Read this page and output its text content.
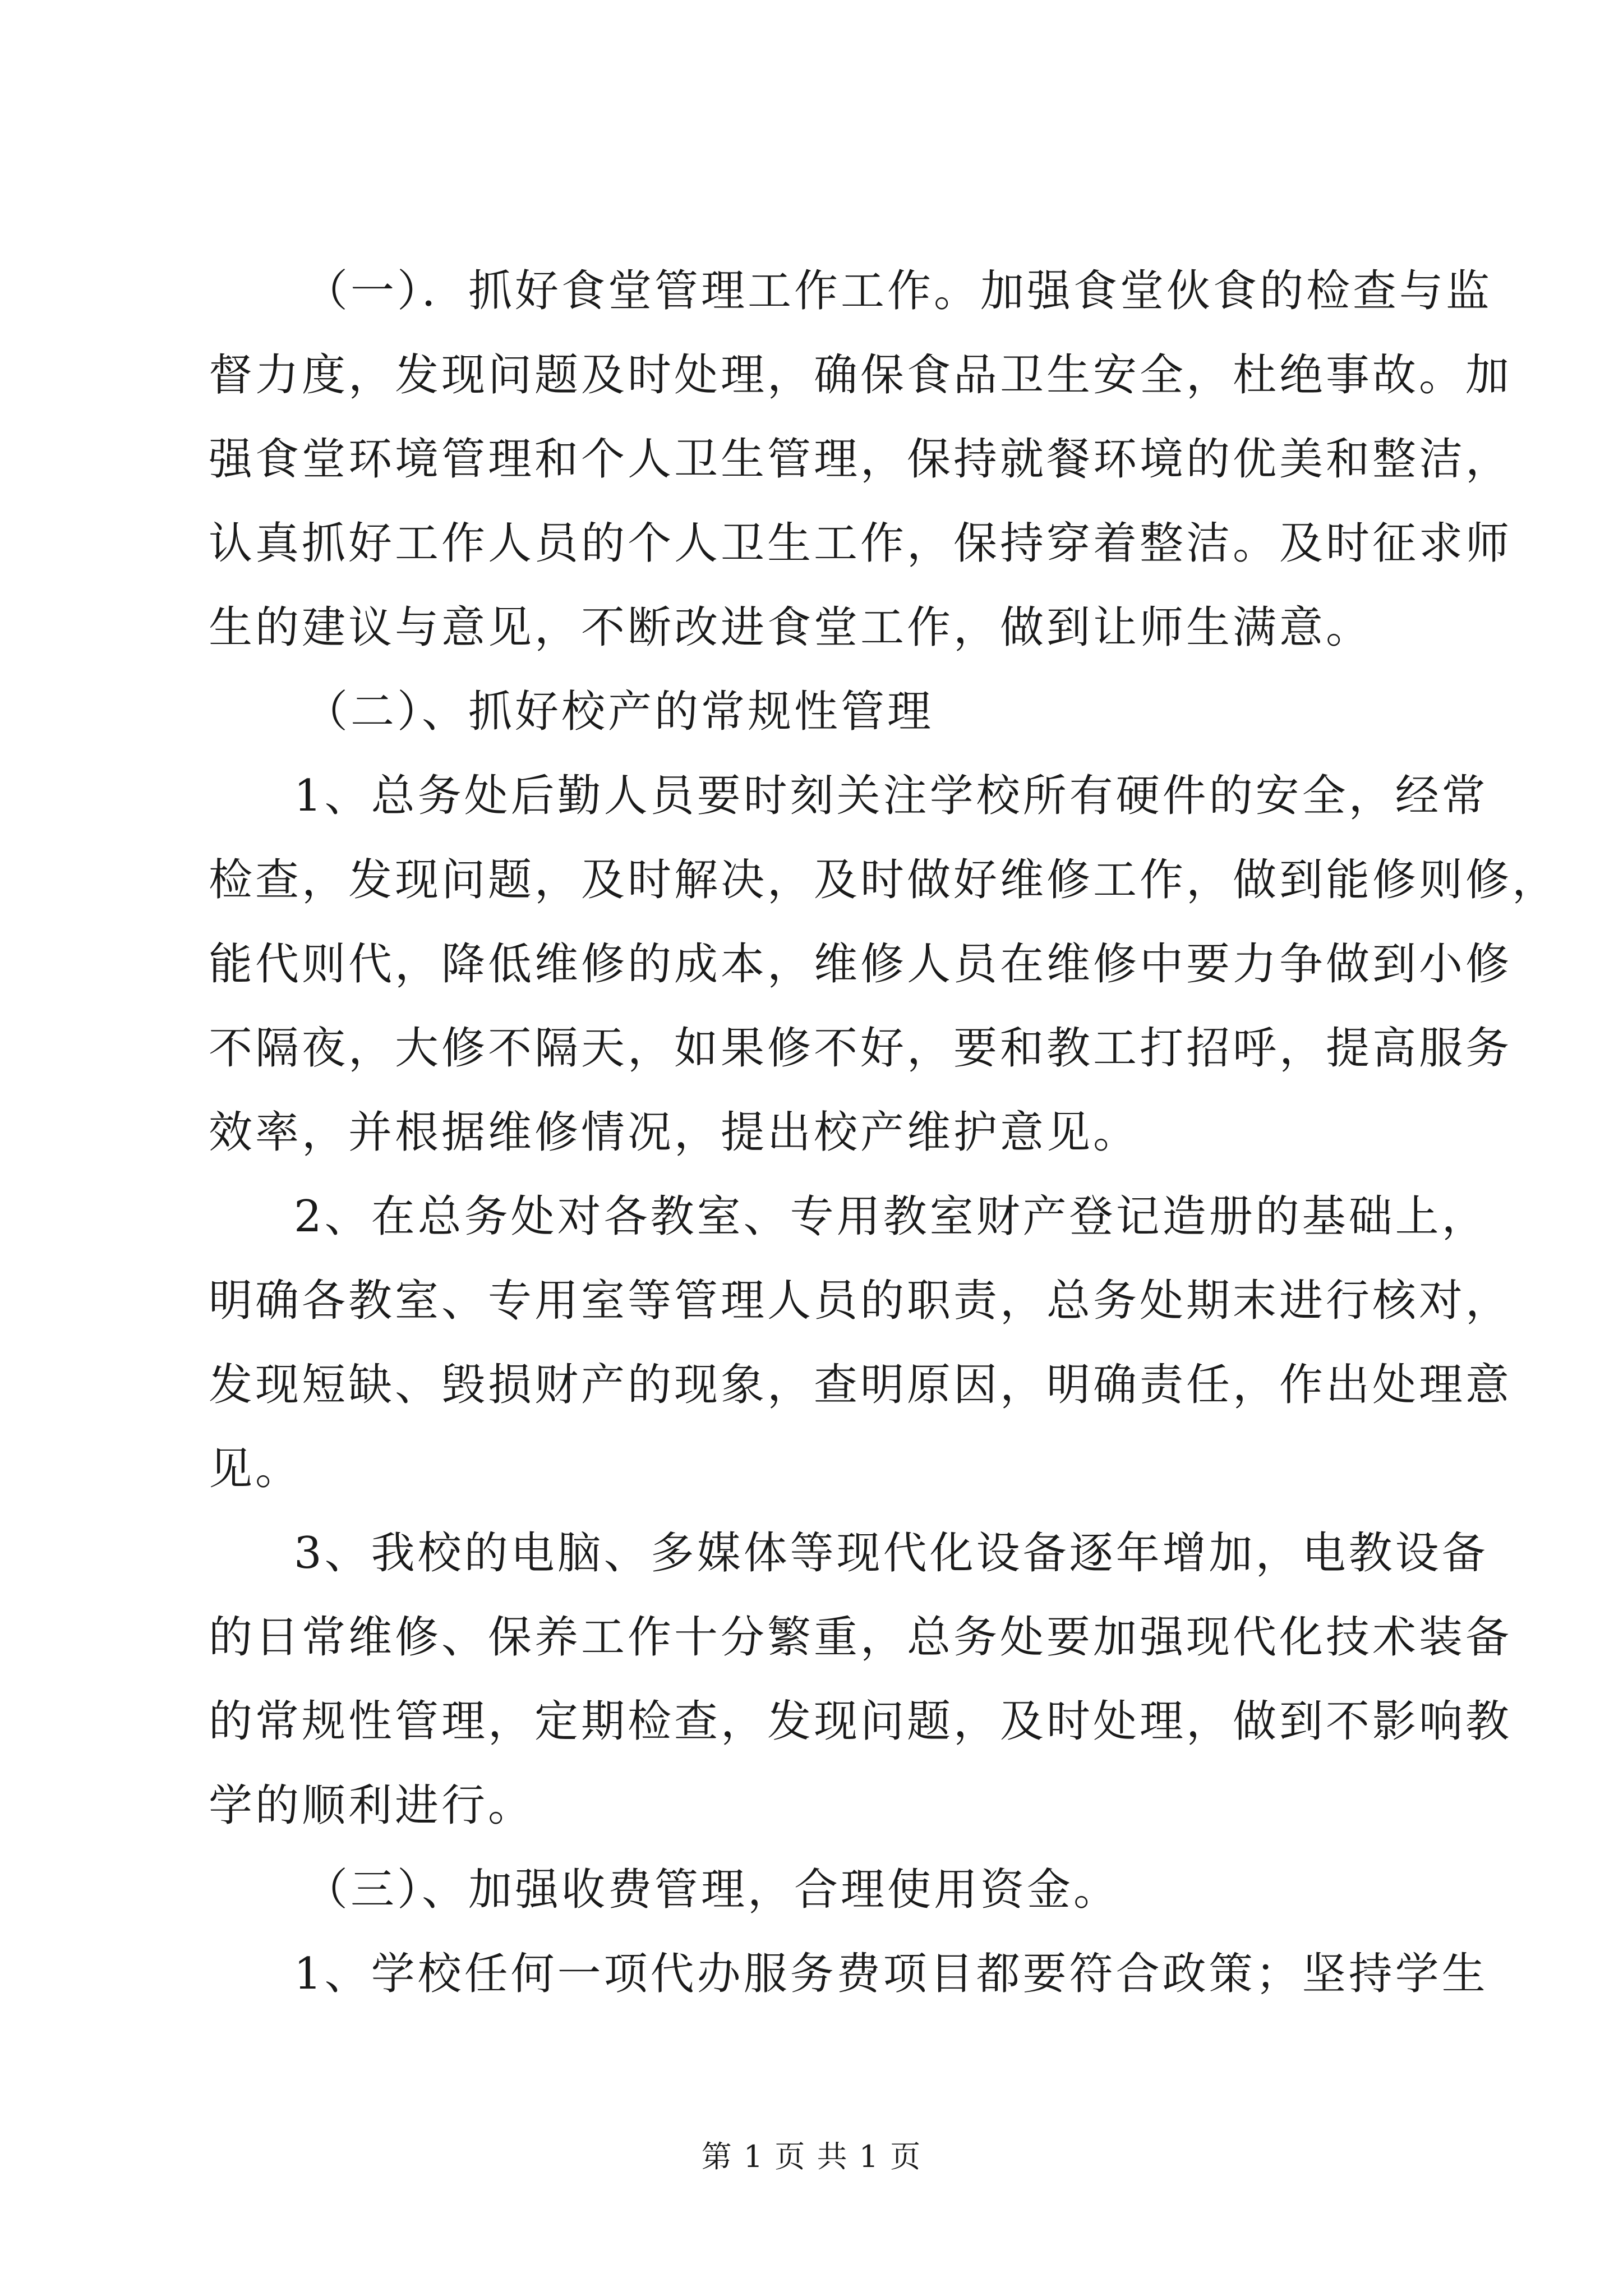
（一）．抓好食堂管理工作工作。加强食堂伙食的检查与监

督力度，发现问题及时处理，确保食品卫生安全，杜绝事故。加

强食堂环境管理和个人卫生管理，保持就餐环境的优美和整洁，

认真抓好工作人员的个人卫生工作，保持穿着整洁。及时征求师

生的建议与意见，不断改进食堂工作，做到让师生满意。

（二）、抓好校产的常规性管理

1、总务处后勤人员要时刻关注学校所有硬件的安全，经常

检查，发现问题，及时解决，及时做好维修工作，做到能修则修，

能代则代，降低维修的成本，维修人员在维修中要力争做到小修

不隔夜，大修不隔天，如果修不好，要和教工打招呼，提高服务

效率，并根据维修情况，提出校产维护意见。

2、在总务处对各教室、专用教室财产登记造册的基础上，

明确各教室、专用室等管理人员的职责，总务处期末进行核对，

发现短缺、毁损财产的现象，查明原因，明确责任，作出处理意

见。

3、我校的电脑、多媒体等现代化设备逐年增加，电教设备

的日常维修、保养工作十分繁重，总务处要加强现代化技术装备

的常规性管理，定期检查，发现问题，及时处理，做到不影响教

学的顺利进行。

（三）、加强收费管理，合理使用资金。

1、学校任何一项代办服务费项目都要符合政策；坚持学生

第 1 页 共 1 页
